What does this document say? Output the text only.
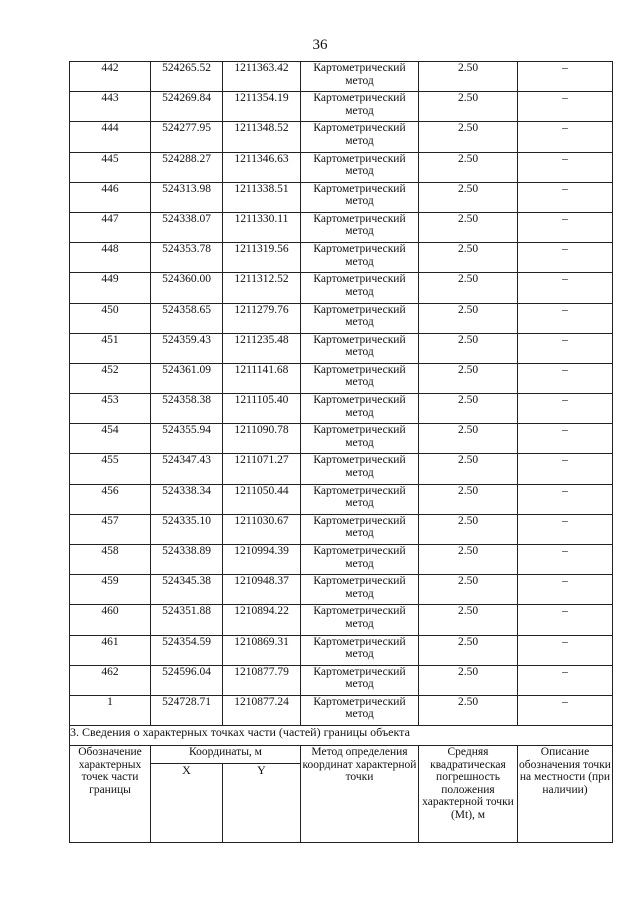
36
442	524265.52	1211363.42	Картометрический метод	2.50	–
443	524269.84	1211354.19	Картометрический метод	2.50	–
444	524277.95	1211348.52	Картометрический метод	2.50	–
445	524288.27	1211346.63	Картометрический метод	2.50	–
446	524313.98	1211338.51	Картометрический метод	2.50	–
447	524338.07	1211330.11	Картометрический метод	2.50	–
448	524353.78	1211319.56	Картометрический метод	2.50	–
449	524360.00	1211312.52	Картометрический метод	2.50	–
450	524358.65	1211279.76	Картометрический метод	2.50	–
451	524359.43	1211235.48	Картометрический метод	2.50	–
452	524361.09	1211141.68	Картометрический метод	2.50	–
453	524358.38	1211105.40	Картометрический метод	2.50	–
454	524355.94	1211090.78	Картометрический метод	2.50	–
455	524347.43	1211071.27	Картометрический метод	2.50	–
456	524338.34	1211050.44	Картометрический метод	2.50	–
457	524335.10	1211030.67	Картометрический метод	2.50	–
458	524338.89	1210994.39	Картометрический метод	2.50	–
459	524345.38	1210948.37	Картометрический метод	2.50	–
460	524351.88	1210894.22	Картометрический метод	2.50	–
461	524354.59	1210869.31	Картометрический метод	2.50	–
462	524596.04	1210877.79	Картометрический метод	2.50	–
1	524728.71	1210877.24	Картометрический метод	2.50	–
3. Сведения о характерных точках части (частей) границы объекта					
Обозначение характерных точек части границы	Координаты, м		Метод определения координат характерной точки	Средняя квадратическая погрешность положения характерной точки (Mt), м	Описание обозначения точки на местности (при наличии)
	X	Y			
